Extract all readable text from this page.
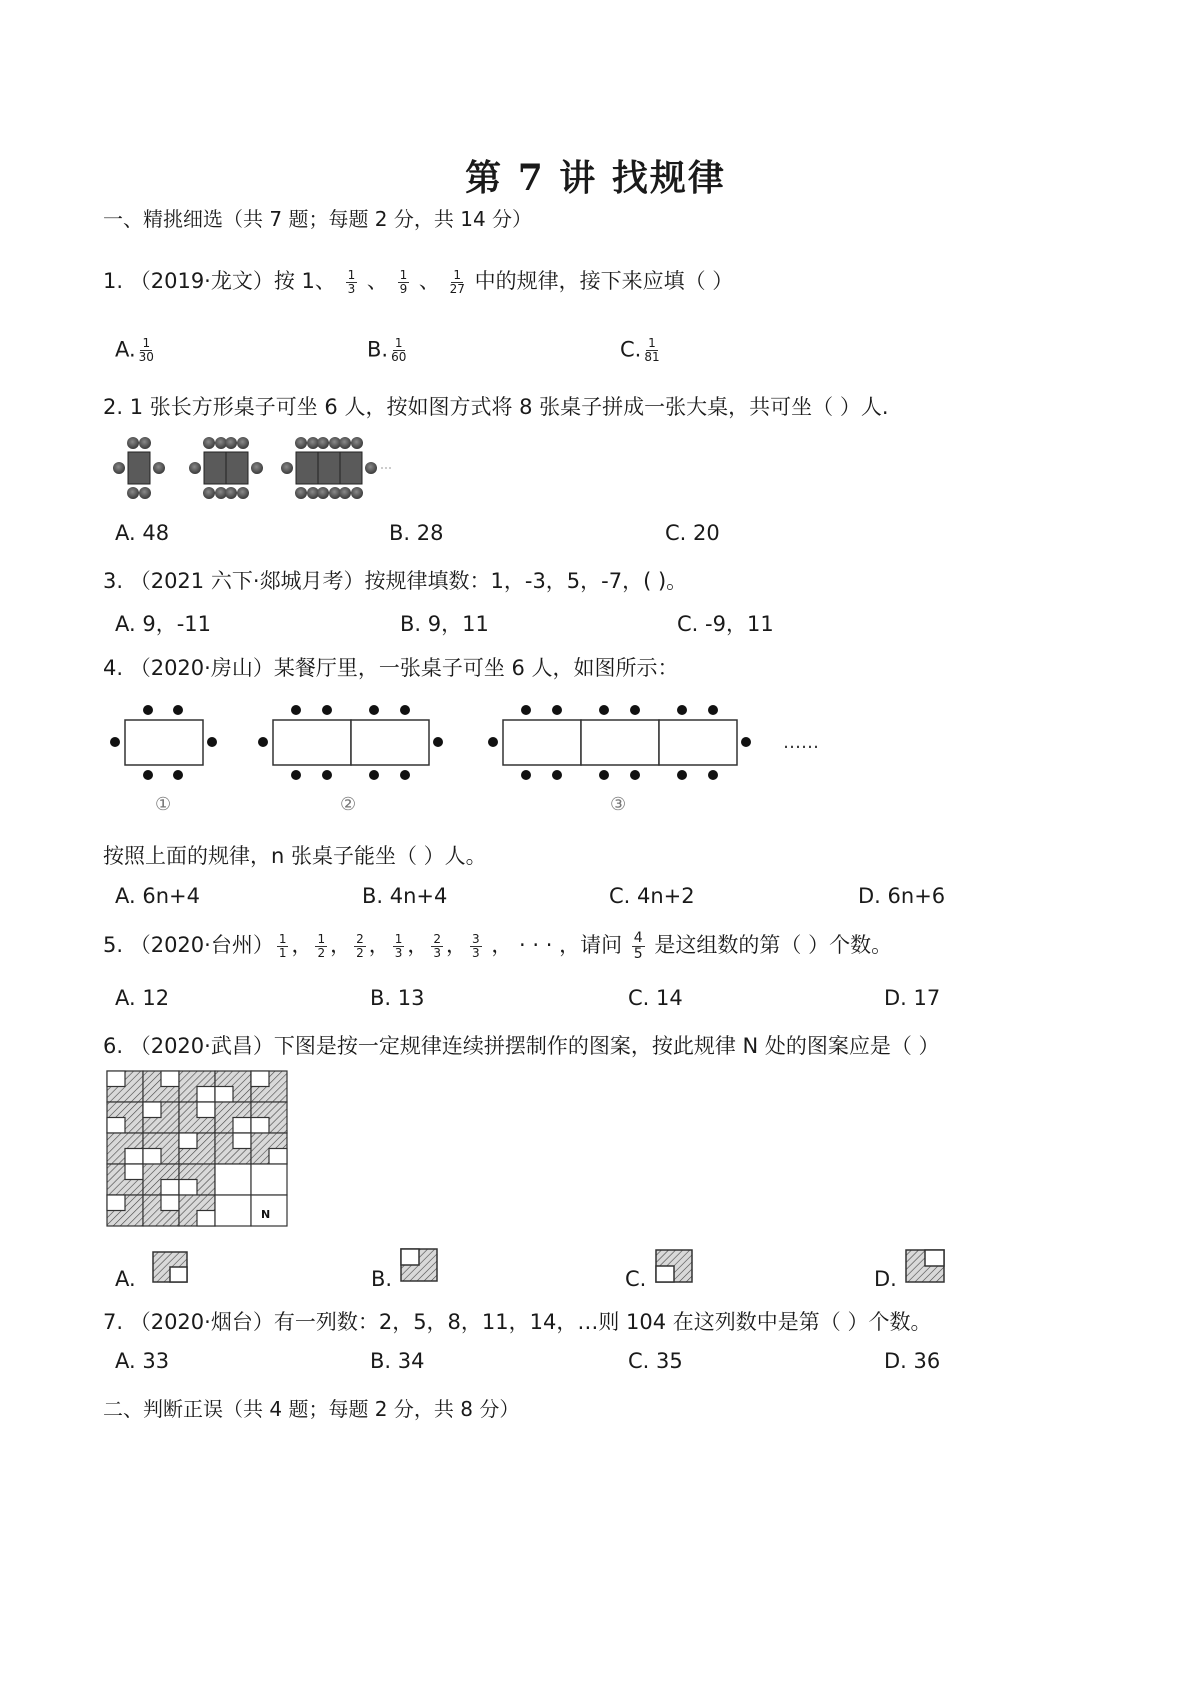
第 7 讲 找规律
一、精挑细选（共 7 题；每题 2 分，共 14 分）
1. （2019·龙文）按 1、 $\frac{1}{3}$ 、 $\frac{1}{9}$ 、 $\frac{1}{27}$ 中的规律，接下来应填（ ）
A. $\frac{1}{30}$	B. $\frac{1}{60}$	C. $\frac{1}{81}$
2. 1 张长方形桌子可坐 6 人，按如图方式将 8 张桌子拼成一张大桌，共可坐（ ）人.
A. 48	B. 28	C. 20
3. （2021 六下·郯城月考）按规律填数：1，-3，5，-7，( )。
A. 9，-11	B. 9，11	C. -9，11
4. （2020·房山）某餐厅里，一张桌子可坐 6 人，如图所示：
①	②	③
……
按照上面的规律，n 张桌子能坐（ ）人。
A. 6n+4	B. 4n+4	C. 4n+2	D. 6n+6
5. （2020·台州） $\frac{1}{1}$ ， $\frac{1}{2}$ ， $\frac{2}{2}$ ， $\frac{1}{3}$ ， $\frac{2}{3}$ ， $\frac{3}{3}$ ， · · · ，请问 $\frac{4}{5}$ 是这组数的第（ ）个数。
A. 12	B. 13	C. 14	D. 17
6. （2020·武昌）下图是按一定规律连续拼摆制作的图案，按此规律 N 处的图案应是（ ）
N
A.	B.	C.	D.
7. （2020·烟台）有一列数：2，5，8，11，14，…则 104 在这列数中是第（ ）个数。
A. 33	B. 34	C. 35	D. 36
二、判断正误（共 4 题；每题 2 分，共 8 分）
